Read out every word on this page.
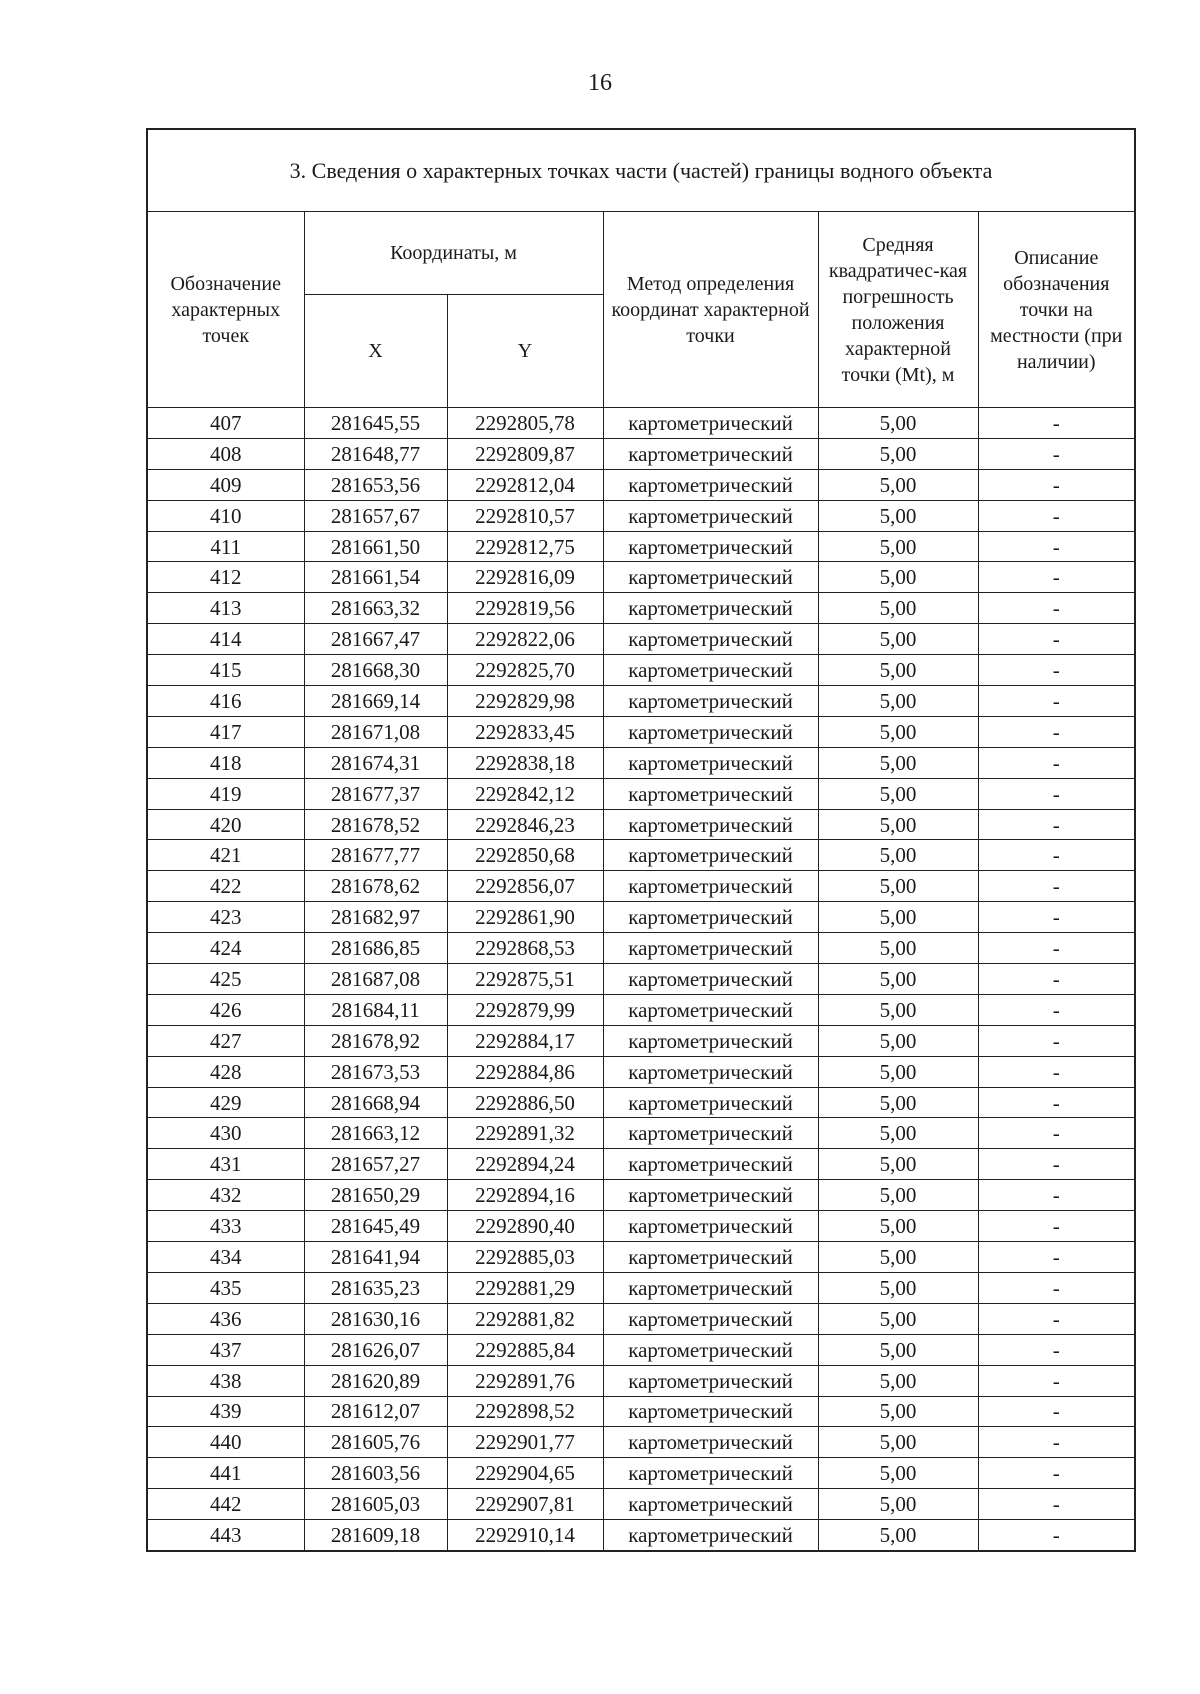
16
3. Сведения о характерных точках части (частей) границы водного объекта
Обозначение характерных точек	Координаты, м		Метод определения координат характерной точки	Средняя квадратичес-кая погрешность положения характерной точки (Mt), м	Описание обозначения точки на местности (при наличии)
	X	Y			
407	281645,55	2292805,78	картометрический	5,00	-
408	281648,77	2292809,87	картометрический	5,00	-
409	281653,56	2292812,04	картометрический	5,00	-
410	281657,67	2292810,57	картометрический	5,00	-
411	281661,50	2292812,75	картометрический	5,00	-
412	281661,54	2292816,09	картометрический	5,00	-
413	281663,32	2292819,56	картометрический	5,00	-
414	281667,47	2292822,06	картометрический	5,00	-
415	281668,30	2292825,70	картометрический	5,00	-
416	281669,14	2292829,98	картометрический	5,00	-
417	281671,08	2292833,45	картометрический	5,00	-
418	281674,31	2292838,18	картометрический	5,00	-
419	281677,37	2292842,12	картометрический	5,00	-
420	281678,52	2292846,23	картометрический	5,00	-
421	281677,77	2292850,68	картометрический	5,00	-
422	281678,62	2292856,07	картометрический	5,00	-
423	281682,97	2292861,90	картометрический	5,00	-
424	281686,85	2292868,53	картометрический	5,00	-
425	281687,08	2292875,51	картометрический	5,00	-
426	281684,11	2292879,99	картометрический	5,00	-
427	281678,92	2292884,17	картометрический	5,00	-
428	281673,53	2292884,86	картометрический	5,00	-
429	281668,94	2292886,50	картометрический	5,00	-
430	281663,12	2292891,32	картометрический	5,00	-
431	281657,27	2292894,24	картометрический	5,00	-
432	281650,29	2292894,16	картометрический	5,00	-
433	281645,49	2292890,40	картометрический	5,00	-
434	281641,94	2292885,03	картометрический	5,00	-
435	281635,23	2292881,29	картометрический	5,00	-
436	281630,16	2292881,82	картометрический	5,00	-
437	281626,07	2292885,84	картометрический	5,00	-
438	281620,89	2292891,76	картометрический	5,00	-
439	281612,07	2292898,52	картометрический	5,00	-
440	281605,76	2292901,77	картометрический	5,00	-
441	281603,56	2292904,65	картометрический	5,00	-
442	281605,03	2292907,81	картометрический	5,00	-
443	281609,18	2292910,14	картометрический	5,00	-
